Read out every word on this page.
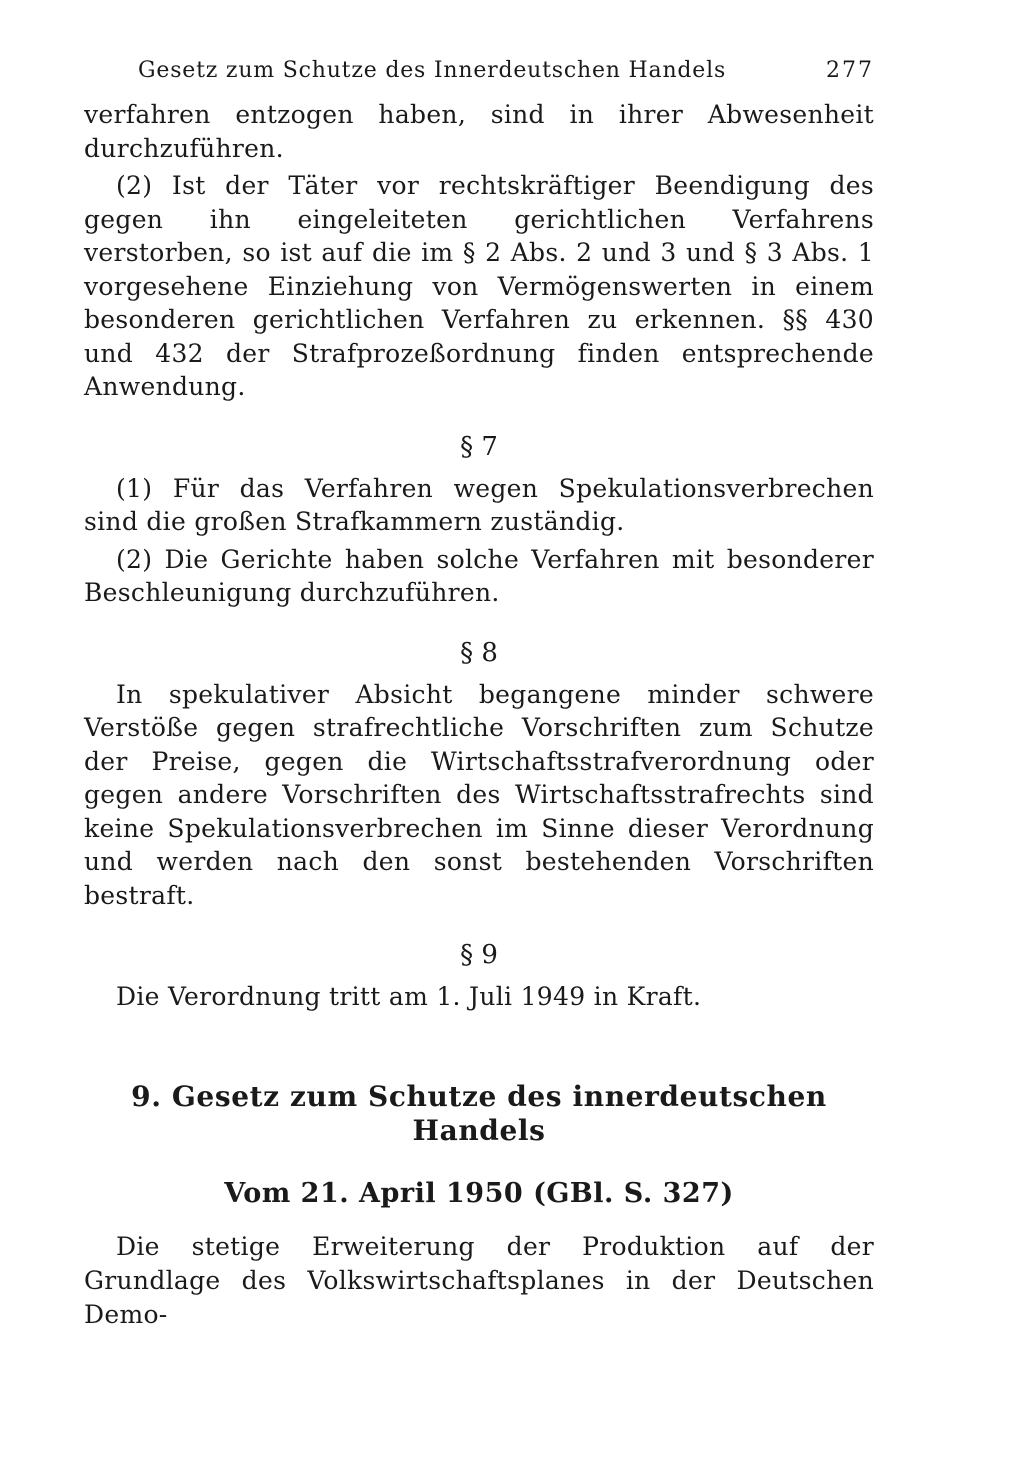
Gesetz zum Schutze des Innerdeutschen Handels	277

verfahren entzogen haben, sind in ihrer Abwesenheit durchzuführen.

(2) Ist der Täter vor rechtskräftiger Beendigung des gegen ihn eingeleiteten gerichtlichen Verfahrens verstorben, so ist auf die im § 2 Abs. 2 und 3 und § 3 Abs. 1 vorgesehene Einziehung von Vermögenswerten in einem besonderen gerichtlichen Verfahren zu erkennen. §§ 430 und 432 der Strafprozeßordnung finden entsprechende Anwendung.

§ 7

(1) Für das Verfahren wegen Spekulationsverbrechen sind die großen Strafkammern zuständig.

(2) Die Gerichte haben solche Verfahren mit besonderer Beschleunigung durchzuführen.

§ 8

In spekulativer Absicht begangene minder schwere Verstöße gegen strafrechtliche Vorschriften zum Schutze der Preise, gegen die Wirtschaftsstrafverordnung oder gegen andere Vorschriften des Wirtschaftsstrafrechts sind keine Spekulationsverbrechen im Sinne dieser Verordnung und werden nach den sonst bestehenden Vorschriften bestraft.

§ 9

Die Verordnung tritt am 1. Juli 1949 in Kraft.

9. Gesetz zum Schutze des innerdeutschen
Handels
Vom 21. April 1950 (GBl. S. 327)

Die stetige Erweiterung der Produktion auf der Grundlage des Volkswirtschaftsplanes in der Deutschen Demo-
